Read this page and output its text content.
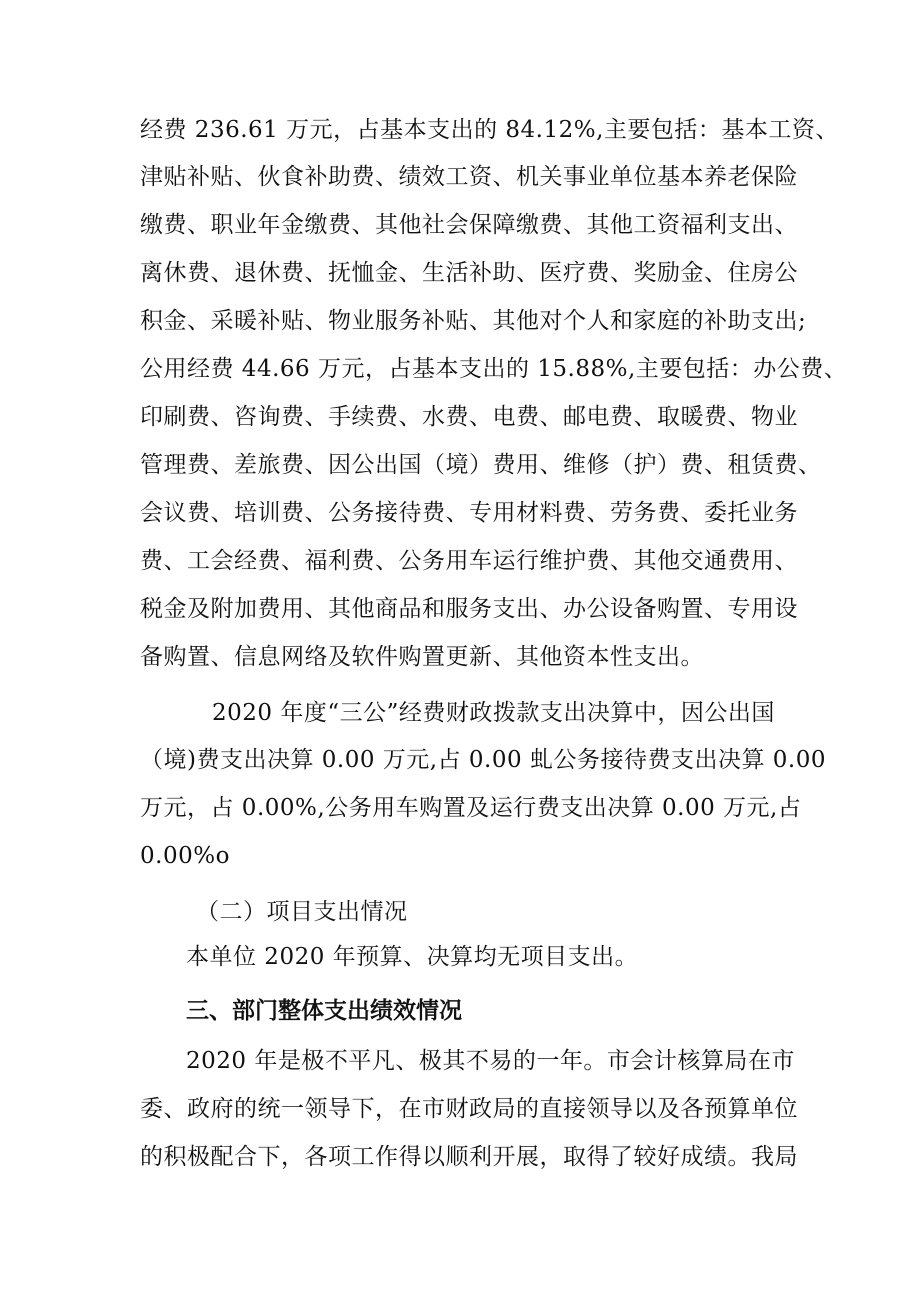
经费 236.61 万元，占基本支出的 84.12%,主要包括：基本工资、
津贴补贴、伙食补助费、绩效工资、机关事业单位基本养老保险
缴费、职业年金缴费、其他社会保障缴费、其他工资福利支出、
离休费、退休费、抚恤金、生活补助、医疗费、奖励金、住房公
积金、采暖补贴、物业服务补贴、其他对个人和家庭的补助支出;
公用经费 44.66 万元，占基本支出的 15.88%,主要包括：办公费、
印刷费、咨询费、手续费、水费、电费、邮电费、取暖费、物业
管理费、差旅费、因公出国（境）费用、维修（护）费、租赁费、
会议费、培训费、公务接待费、专用材料费、劳务费、委托业务
费、工会经费、福利费、公务用车运行维护费、其他交通费用、
税金及附加费用、其他商品和服务支出、办公设备购置、专用设
备购置、信息网络及软件购置更新、其他资本性支出。
2020 年度“三公”经费财政拨款支出决算中，因公出国
（境)费支出决算 0.00 万元,占 0.00 虬公务接待费支出决算 0.00
万元，占 0.00%,公务用车购置及运行费支出决算 0.00 万元,占
0.00%o
（二）项目支出情况
本单位 2020 年预算、决算均无项目支出。
三、部门整体支出绩效情况
2020 年是极不平凡、极其不易的一年。市会计核算局在市
委、政府的统一领导下，在市财政局的直接领导以及各预算单位
的积极配合下，各项工作得以顺利开展，取得了较好成绩。我局
